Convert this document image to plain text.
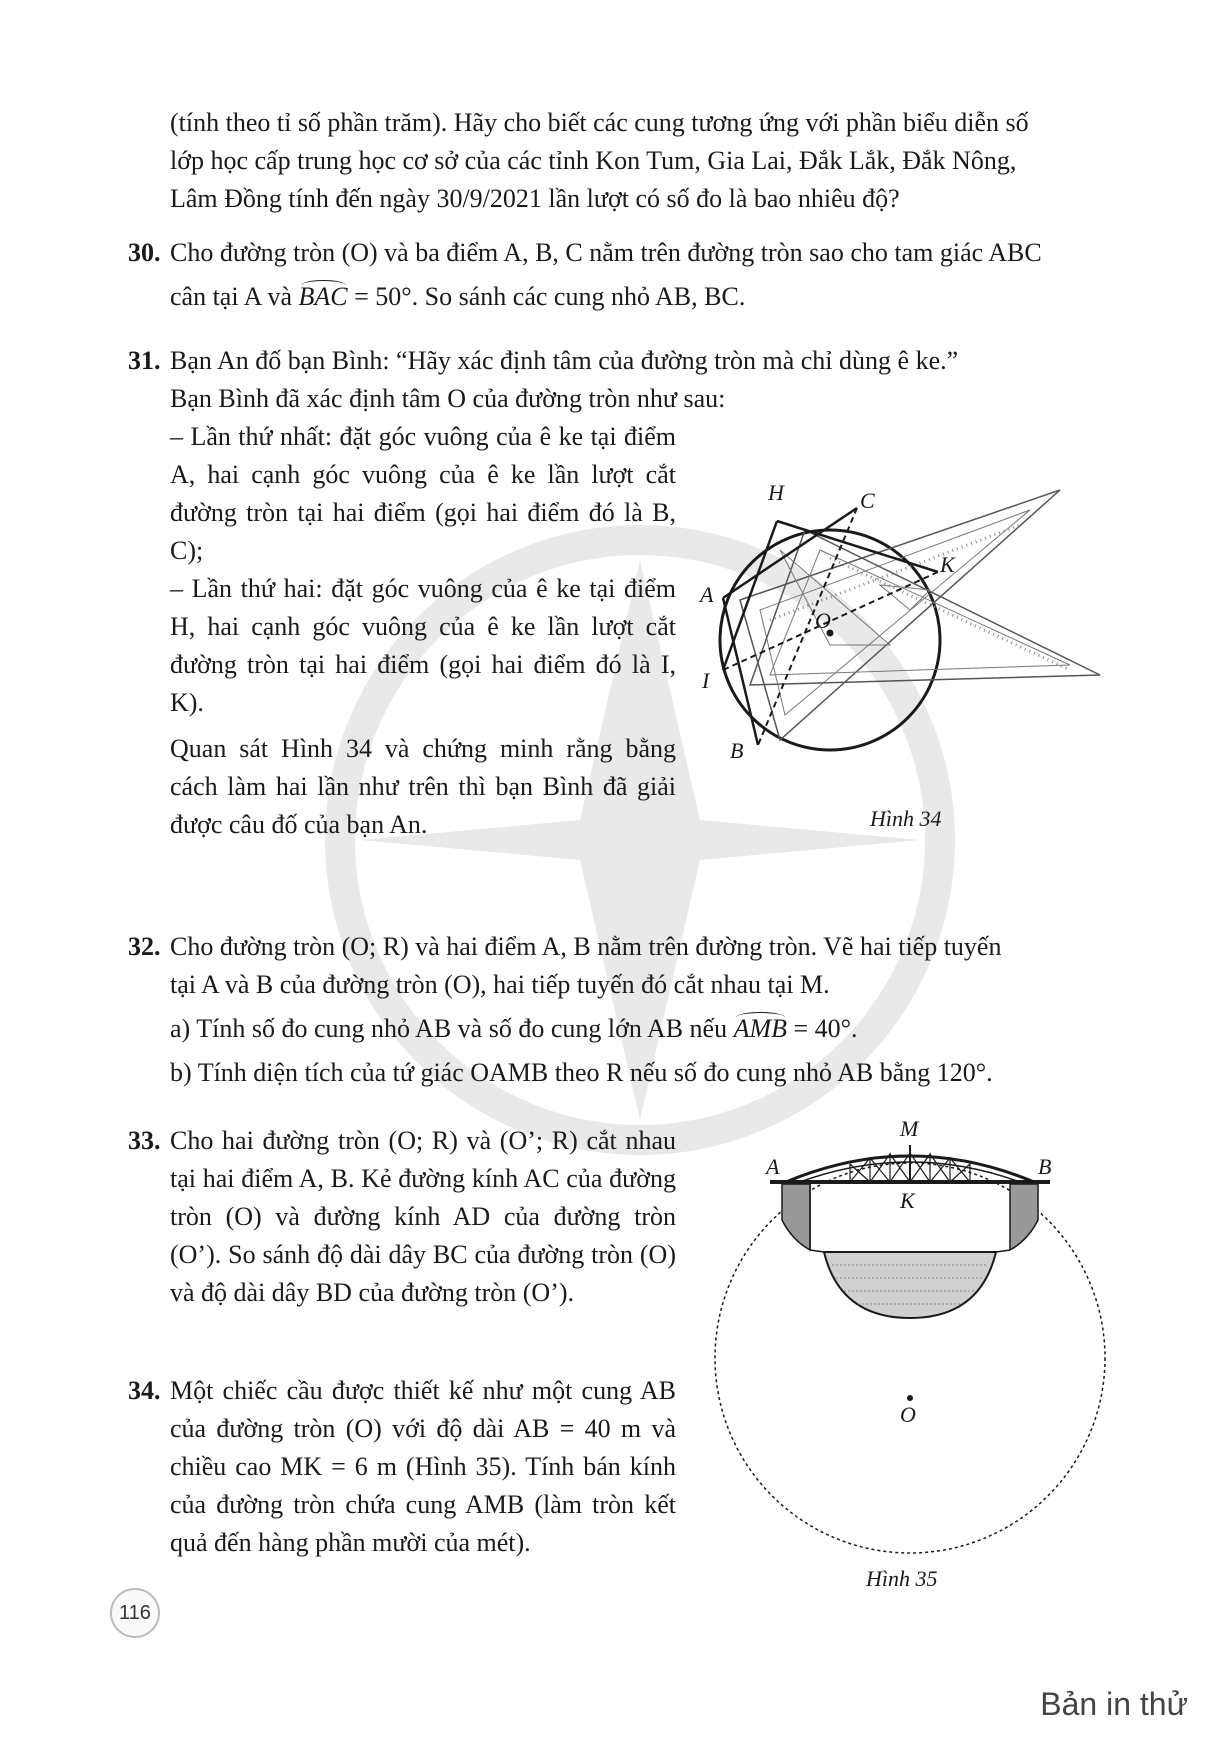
(tính theo tỉ số phần trăm). Hãy cho biết các cung tương ứng với phần biểu diễn số

lớp học cấp trung học cơ sở của các tỉnh Kon Tum, Gia Lai, Đắk Lắk, Đắk Nông,

Lâm Đồng tính đến ngày 30/9/2021 lần lượt có số đo là bao nhiêu độ?

30. Cho đường tròn (O) và ba điểm A, B, C nằm trên đường tròn sao cho tam giác ABC

cân tại A và BAC = 50°. So sánh các cung nhỏ AB, BC.

31. Bạn An đố bạn Bình: “Hãy xác định tâm của đường tròn mà chỉ dùng ê ke.”

Bạn Bình đã xác định tâm O của đường tròn như sau:

– Lần thứ nhất: đặt góc vuông của ê ke tại điểm A, hai cạnh góc vuông của ê ke lần lượt cắt đường tròn tại hai điểm (gọi hai điểm đó là B, C);

– Lần thứ hai: đặt góc vuông của ê ke tại điểm H, hai cạnh góc vuông của ê ke lần lượt cắt đường tròn tại hai điểm (gọi hai điểm đó là I, K).

Quan sát Hình 34 và chứng minh rằng bằng cách làm hai lần như trên thì bạn Bình đã giải được câu đố của bạn An.

H	C
A
K
O
I
B
Hình 34
32. Cho đường tròn (O; R) và hai điểm A, B nằm trên đường tròn. Vẽ hai tiếp tuyến

tại A và B của đường tròn (O), hai tiếp tuyến đó cắt nhau tại M.

a) Tính số đo cung nhỏ AB và số đo cung lớn AB nếu AMB = 40°.

b) Tính diện tích của tứ giác OAMB theo R nếu số đo cung nhỏ AB bằng 120°.

33. Cho hai đường tròn (O; R) và (O’; R) cắt nhau tại hai điểm A, B. Kẻ đường kính AC của đường tròn (O) và đường kính AD của đường tròn (O’). So sánh độ dài dây BC của đường tròn (O) và độ dài dây BD của đường tròn (O’).

34. Một chiếc cầu được thiết kế như một cung AB của đường tròn (O) với độ dài AB = 40 m và chiều cao MK = 6 m (Hình 35). Tính bán kính của đường tròn chứa cung AMB (làm tròn kết quả đến hàng phần mười của mét).

M
A	B
K
O
Hình 35
116
Bản in thử
